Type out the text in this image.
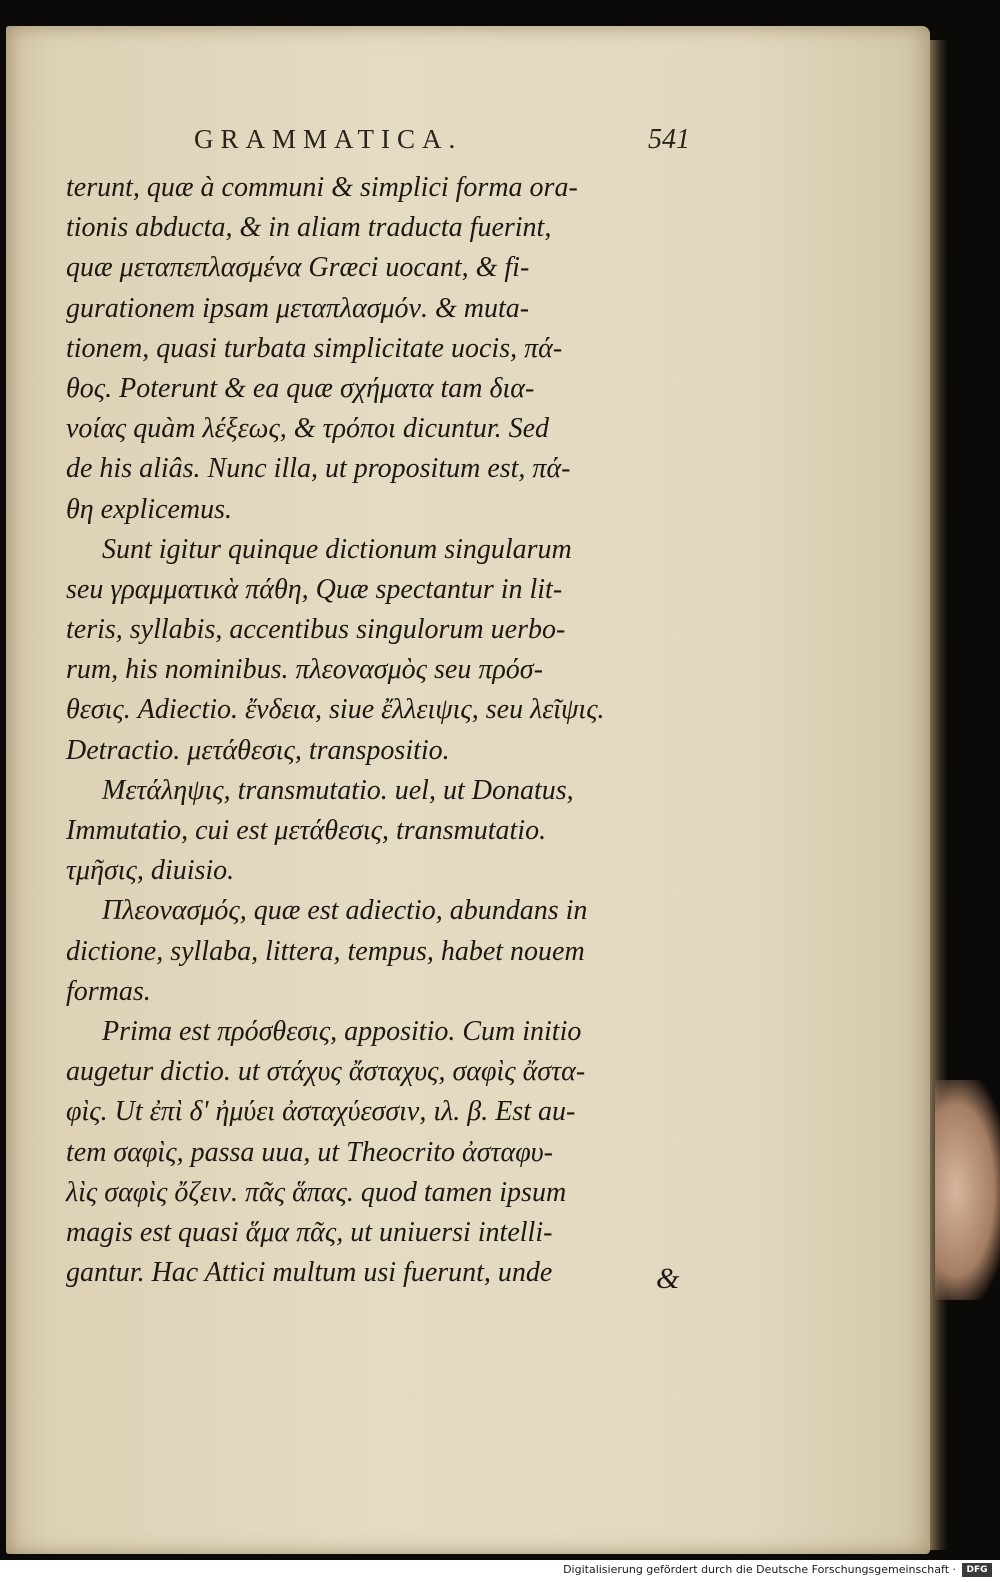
GRAMMATICA.	541
terunt, quæ à communi & simplici forma ora-
tionis abducta, & in aliam traducta fuerint,
quæ μεταπεπλασμένα Græci uocant, & fi-
gurationem ipsam μεταπλασμόν. & muta-
tionem, quasi turbata simplicitate uocis, πά-
θος. Poterunt & ea quæ σχήματα tam δια-
νοίας quàm λέξεως, & τρόποι dicuntur. Sed
de his aliâs. Nunc illa, ut propositum est, πά-
θη explicemus.
Sunt igitur quinque dictionum singularum
seu γραμματικὰ πάθη, Quæ spectantur in lit-
teris, syllabis, accentibus singulorum uerbo-
rum, his nominibus. πλεονασμὸς seu πρόσ-
θεσις. Adiectio. ἔνδεια, siue ἔλλειψις, seu λεῖψις.
Detractio. μετάθεσις, transpositio.
Μετάληψις, transmutatio. uel, ut Donatus,
Immutatio, cui est μετάθεσις, transmutatio.
τμῆσις, diuisio.
Πλεονασμός, quæ est adiectio, abundans in
dictione, syllaba, littera, tempus, habet nouem
formas.
Prima est πρόσθεσις, appositio. Cum initio
augetur dictio. ut στάχυς ἄσταχυς, σαφὶς ἄστα-
φὶς. Ut ἐπὶ δ' ἠμύει ἀσταχύεσσιν, ιλ. β. Est au-
tem σαφὶς, passa uua, ut Theocrito ἀσταφυ-
λὶς σαφὶς ὄζειν. πᾶς ἅπας. quod tamen ipsum
magis est quasi ἅμα πᾶς, ut uniuersi intelli-
gantur. Hac Attici multum usi fuerunt, unde	&
Digitalisierung gefördert durch die Deutsche Forschungsgemeinschaft ·	DFG
